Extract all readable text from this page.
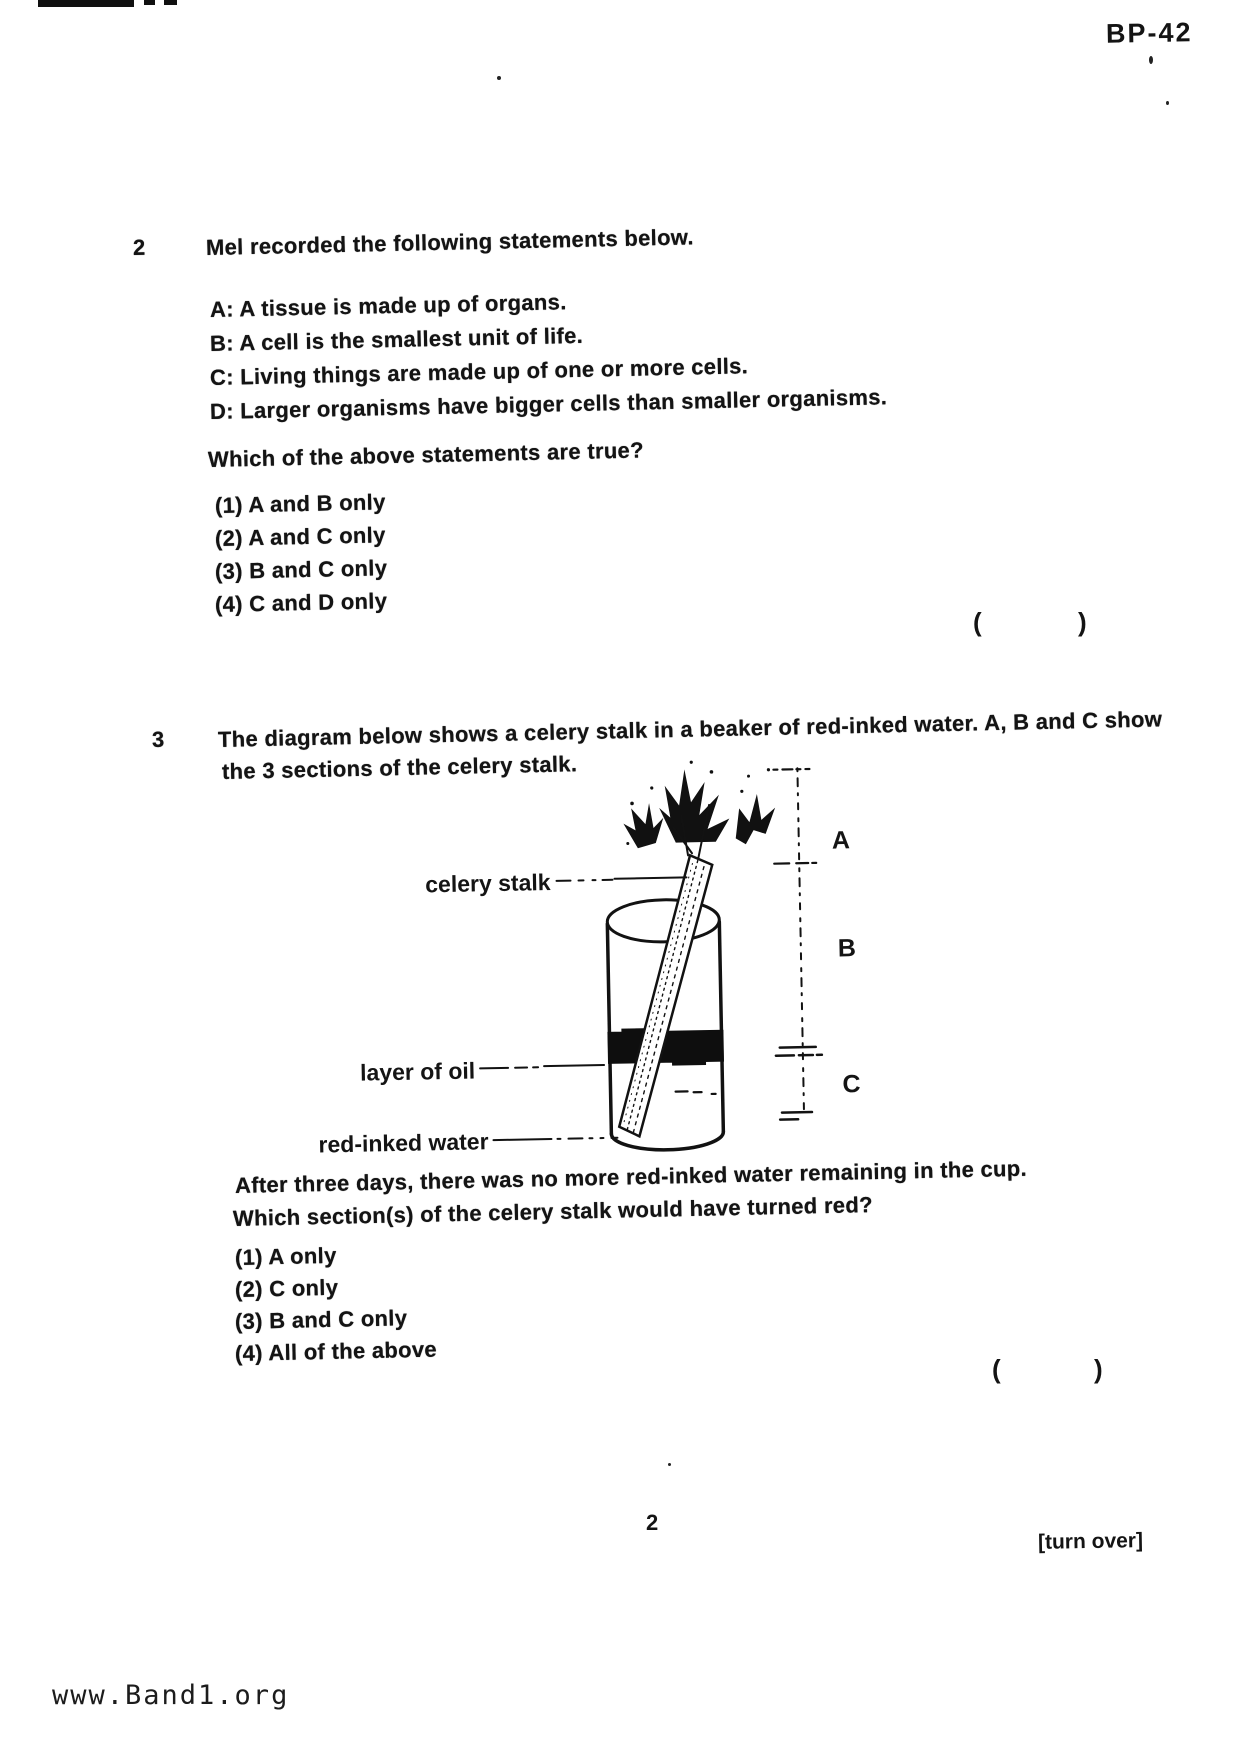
BP-42
2	Mel recorded the following statements below.
A: A tissue is made up of organs.
B: A cell is the smallest unit of life.
C: Living things are made up of one or more cells.
D: Larger organisms have bigger cells than smaller organisms.
Which of the above statements are true?
(1) A and B only
(2) A and C only
(3) B and C only
(4) C and D only
(	)
3 The diagram below shows a celery stalk in a beaker of red-inked water. A, B and C show
the 3 sections of the celery stalk.
celery stalk
layer of oil
red-inked water
A
B
C
After three days, there was no more red-inked water remaining in the cup.
Which section(s) of the celery stalk would have turned red?
(1) A only
(2) C only
(3) B and C only
(4) All of the above
(	)
2
[turn over]
www.Band1.org
